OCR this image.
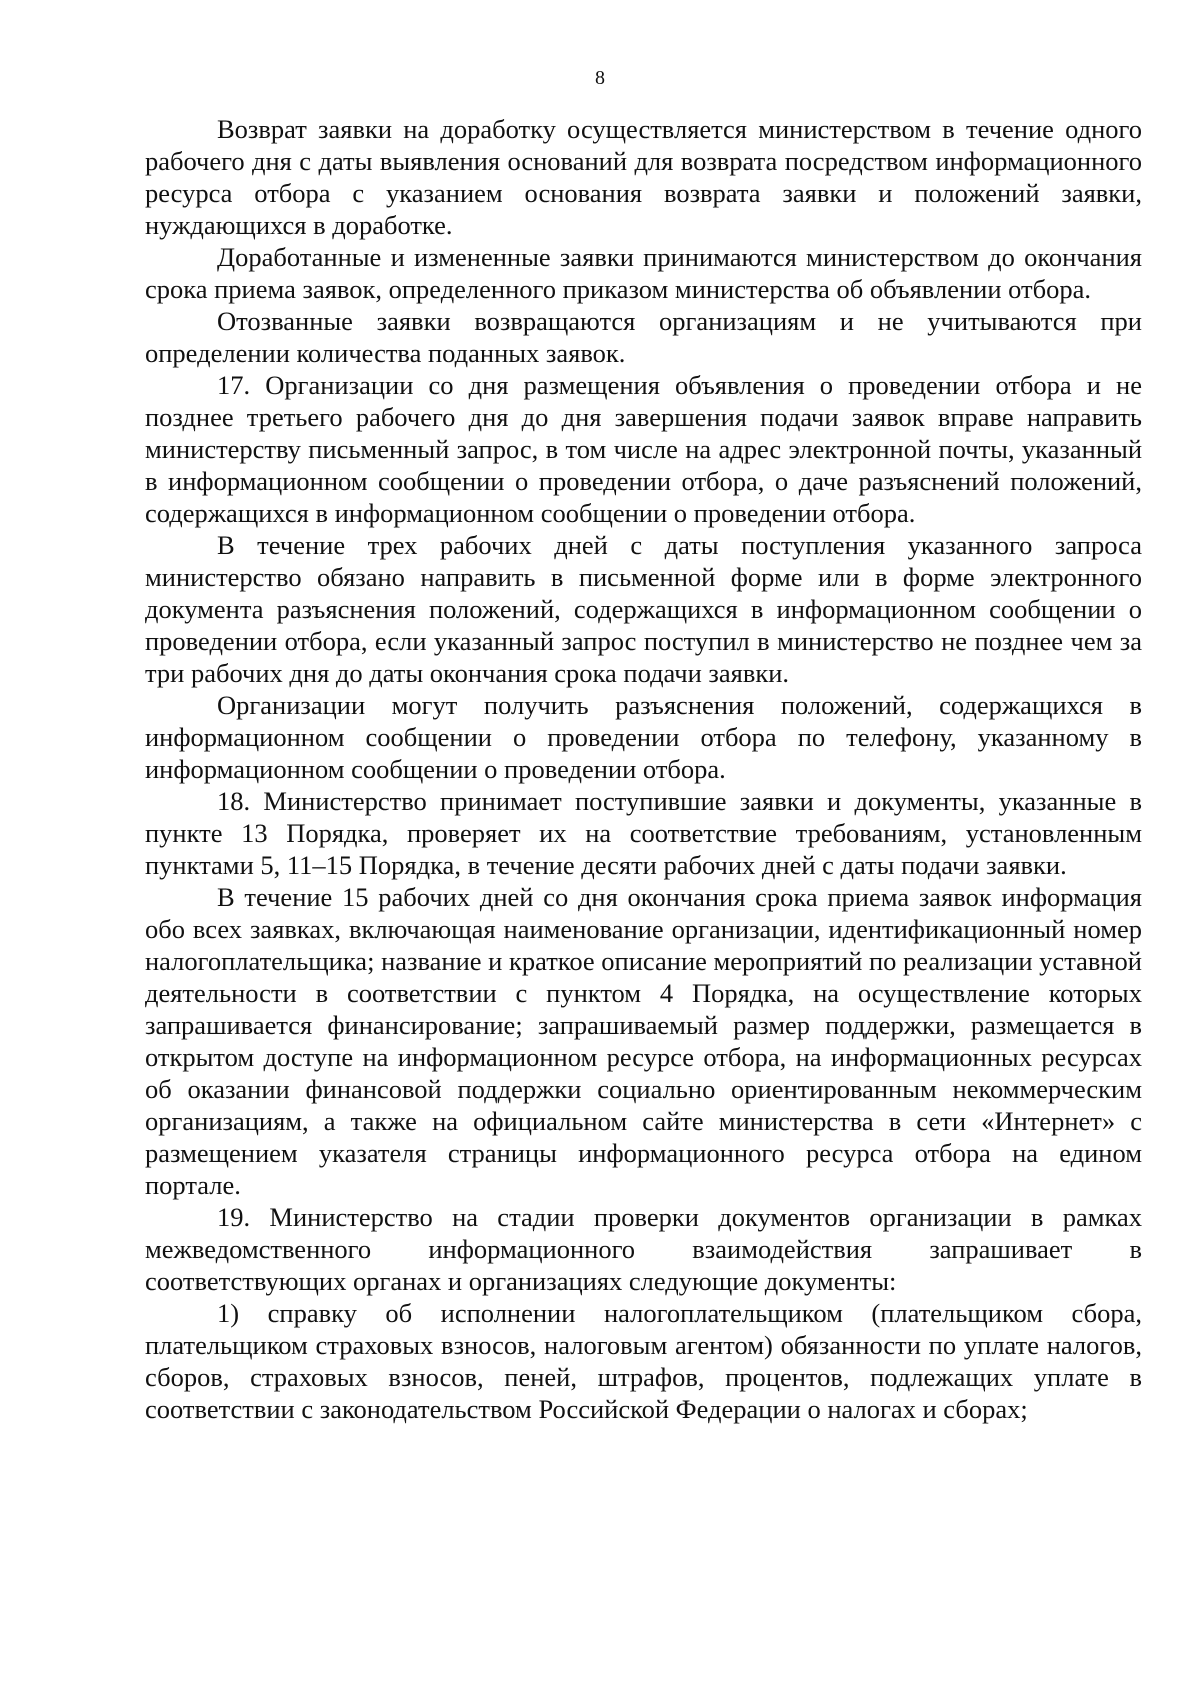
8

Возврат заявки на доработку осуществляется министерством в течение одного рабочего дня с даты выявления оснований для возврата посредством информационного ресурса отбора с указанием основания возврата заявки и положений заявки, нуждающихся в доработке.

Доработанные и измененные заявки принимаются министерством до окончания срока приема заявок, определенного приказом министерства об объявлении отбора.

Отозванные заявки возвращаются организациям и не учитываются при определении количества поданных заявок.

17. Организации со дня размещения объявления о проведении отбора и не позднее третьего рабочего дня до дня завершения подачи заявок вправе направить министерству письменный запрос, в том числе на адрес электронной почты, указанный в информационном сообщении о проведении отбора, о даче разъяснений положений, содержащихся в информационном сообщении о проведении отбора.

В течение трех рабочих дней с даты поступления указанного запроса министерство обязано направить в письменной форме или в форме электронного документа разъяснения положений, содержащихся в информационном сообщении о проведении отбора, если указанный запрос поступил в министерство не позднее чем за три рабочих дня до даты окончания срока подачи заявки.

Организации могут получить разъяснения положений, содержащихся в информационном сообщении о проведении отбора по телефону, указанному в информационном сообщении о проведении отбора.

18. Министерство принимает поступившие заявки и документы, указанные в пункте 13 Порядка, проверяет их на соответствие требованиям, установленным пунктами 5, 11–15 Порядка, в течение десяти рабочих дней с даты подачи заявки.

В течение 15 рабочих дней со дня окончания срока приема заявок информация обо всех заявках, включающая наименование организации, идентификационный номер налогоплательщика; название и краткое описание мероприятий по реализации уставной деятельности в соответствии с пунктом 4 Порядка, на осуществление которых запрашивается финансирование; запрашиваемый размер поддержки, размещается в открытом доступе на информационном ресурсе отбора, на информационных ресурсах об оказании финансовой поддержки социально ориентированным некоммерческим организациям, а также на официальном сайте министерства в сети «Интернет» с размещением указателя страницы информационного ресурса отбора на едином портале.

19. Министерство на стадии проверки документов организации в рамках межведомственного информационного взаимодействия запрашивает в соответствующих органах и организациях следующие документы:

1) справку об исполнении налогоплательщиком (плательщиком сбора, плательщиком страховых взносов, налоговым агентом) обязанности по уплате налогов, сборов, страховых взносов, пеней, штрафов, процентов, подлежащих уплате в соответствии с законодательством Российской Федерации о налогах и сборах;
